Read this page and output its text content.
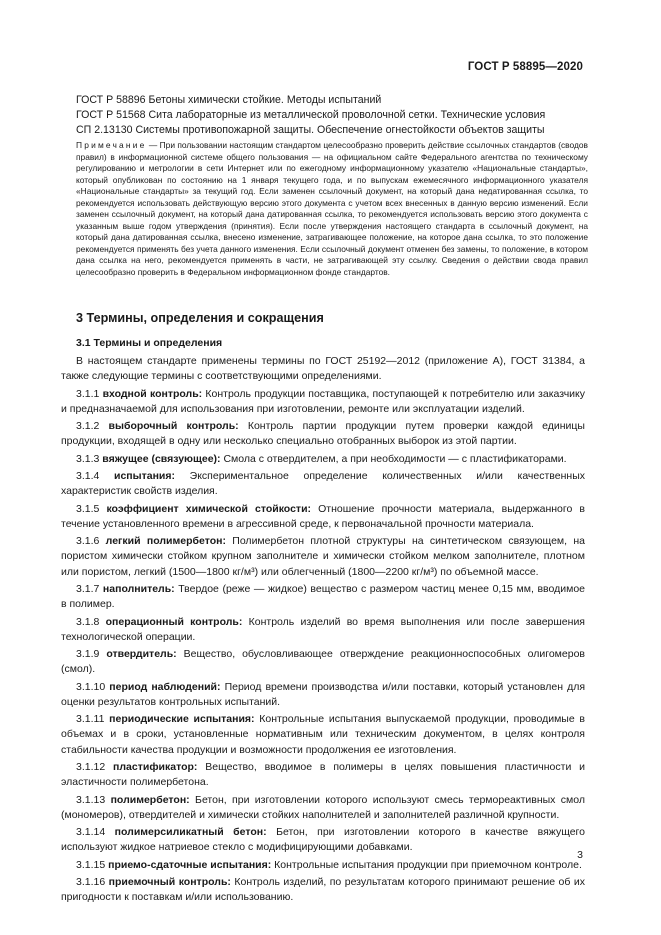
ГОСТ Р 58895—2020
ГОСТ Р 58896 Бетоны химически стойкие. Методы испытаний
ГОСТ Р 51568 Сита лабораторные из металлической проволочной сетки. Технические условия
СП 2.13130 Системы противопожарной защиты. Обеспечение огнестойкости объектов защиты
Примечание — При пользовании настоящим стандартом целесообразно проверить действие ссылочных стандартов (сводов правил) в информационной системе общего пользования — на официальном сайте Федерального агентства по техническому регулированию и метрологии в сети Интернет или по ежегодному информационному указателю «Национальные стандарты», который опубликован по состоянию на 1 января текущего года, и по выпускам ежемесячного информационного указателя «Национальные стандарты» за текущий год. Если заменен ссылочный документ, на который дана недатированная ссылка, то рекомендуется использовать действующую версию этого документа с учетом всех внесенных в данную версию изменений. Если заменен ссылочный документ, на который дана датированная ссылка, то рекомендуется использовать версию этого документа с указанным выше годом утверждения (принятия). Если после утверждения настоящего стандарта в ссылочный документ, на который дана датированная ссылка, внесено изменение, затрагивающее положение, на которое дана ссылка, то это положение рекомендуется применять без учета данного изменения. Если ссылочный документ отменен без замены, то положение, в котором дана ссылка на него, рекомендуется применять в части, не затрагивающей эту ссылку. Сведения о действии свода правил целесообразно проверить в Федеральном информационном фонде стандартов.
3 Термины, определения и сокращения
3.1 Термины и определения

В настоящем стандарте применены термины по ГОСТ 25192—2012 (приложение А), ГОСТ 31384, а также следующие термины с соответствующими определениями.

3.1.1 входной контроль: Контроль продукции поставщика, поступающей к потребителю или заказчику и предназначаемой для использования при изготовлении, ремонте или эксплуатации изделий.

3.1.2 выборочный контроль: Контроль партии продукции путем проверки каждой единицы продукции, входящей в одну или несколько специально отобранных выборок из этой партии.

3.1.3 вяжущее (связующее): Смола с отвердителем, а при необходимости — с пластификаторами.

3.1.4 испытания: Экспериментальное определение количественных и/или качественных характеристик свойств изделия.

3.1.5 коэффициент химической стойкости: Отношение прочности материала, выдержанного в течение установленного времени в агрессивной среде, к первоначальной прочности материала.

3.1.6 легкий полимербетон: Полимербетон плотной структуры на синтетическом связующем, на пористом химически стойком крупном заполнителе и химически стойком мелком заполнителе, плотном или пористом, легкий (1500—1800 кг/м³) или облегченный (1800—2200 кг/м³) по объемной массе.

3.1.7 наполнитель: Твердое (реже — жидкое) вещество с размером частиц менее 0,15 мм, вводимое в полимер.

3.1.8 операционный контроль: Контроль изделий во время выполнения или после завершения технологической операции.

3.1.9 отвердитель: Вещество, обусловливающее отверждение реакционноспособных олигомеров (смол).

3.1.10 период наблюдений: Период времени производства и/или поставки, который установлен для оценки результатов контрольных испытаний.

3.1.11 периодические испытания: Контрольные испытания выпускаемой продукции, проводимые в объемах и в сроки, установленные нормативным или техническим документом, в целях контроля стабильности качества продукции и возможности продолжения ее изготовления.

3.1.12 пластификатор: Вещество, вводимое в полимеры в целях повышения пластичности и эластичности полимербетона.

3.1.13 полимербетон: Бетон, при изготовлении которого используют смесь термореактивных смол (мономеров), отвердителей и химически стойких наполнителей и заполнителей различной крупности.

3.1.14 полимерсиликатный бетон: Бетон, при изготовлении которого в качестве вяжущего используют жидкое натриевое стекло с модифицирующими добавками.

3.1.15 приемо-сдаточные испытания: Контрольные испытания продукции при приемочном контроле.

3.1.16 приемочный контроль: Контроль изделий, по результатам которого принимают решение об их пригодности к поставкам и/или использованию.

3
